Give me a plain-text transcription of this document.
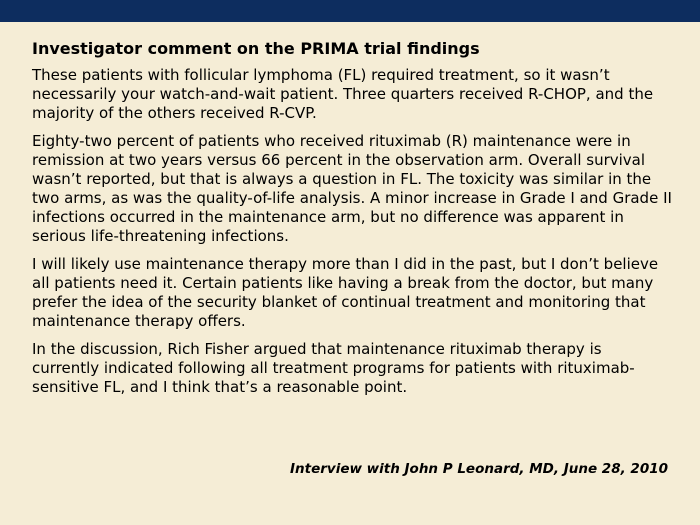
Investigator comment on the PRIMA trial findings

These patients with follicular lymphoma (FL) required treatment, so it wasn’t necessarily your watch-and-wait patient. Three quarters received R-CHOP, and the majority of the others received R-CVP.

Eighty-two percent of patients who received rituximab (R) maintenance were in remission at two years versus 66 percent in the observation arm. Overall survival wasn’t reported, but that is always a question in FL. The toxicity was similar in the two arms, as was the quality-of-life analysis. A minor increase in Grade I and Grade II infections occurred in the maintenance arm, but no difference was apparent in serious life-threatening infections.

I will likely use maintenance therapy more than I did in the past, but I don’t believe all patients need it. Certain patients like having a break from the doctor, but many prefer the idea of the security blanket of continual treatment and monitoring that maintenance therapy offers.

In the discussion, Rich Fisher argued that maintenance rituximab therapy is currently indicated following all treatment programs for patients with rituximab-sensitive FL, and I think that’s a reasonable point.

Interview with John P Leonard, MD, June 28, 2010
